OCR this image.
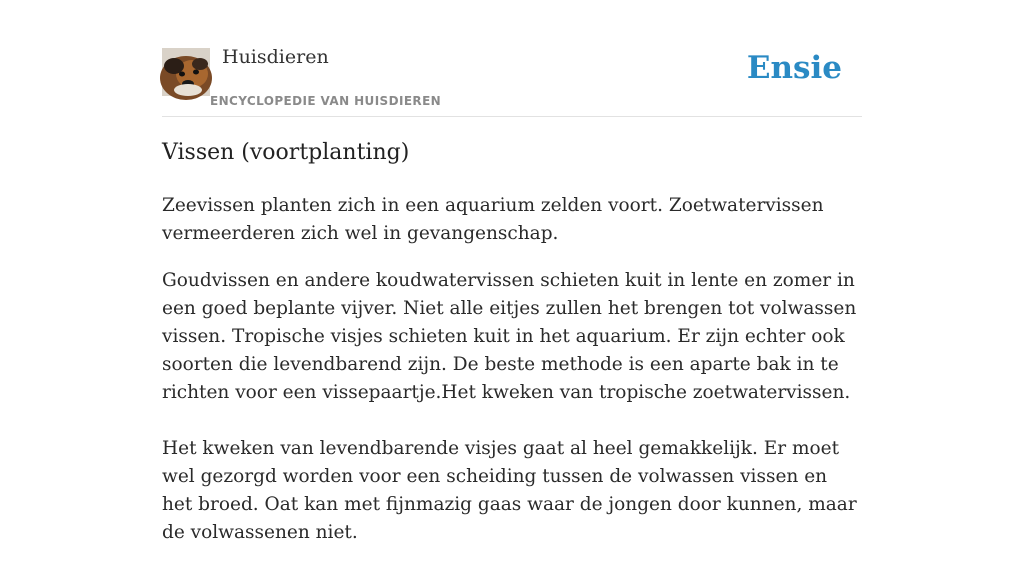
Huisdieren
ENCYCLOPEDIE VAN HUISDIEREN
Ensie
Vissen (voortplanting)

Zeevissen planten zich in een aquarium zelden voort. Zoetwatervissen vermeerderen zich wel in gevangenschap.

Goudvissen en andere koudwatervissen schieten kuit in lente en zomer in een goed beplante vijver. Niet alle eitjes zullen het brengen tot volwassen vissen. Tropische visjes schieten kuit in het aquarium. Er zijn echter ook soorten die levendbarend zijn. De beste methode is een aparte bak in te richten voor een vissepaartje.Het kweken van tropische zoetwatervissen.

Het kweken van levendbarende visjes gaat al heel gemakkelijk. Er moet wel gezorgd worden voor een scheiding tussen de volwassen vissen en het broed. Oat kan met fijnmazig gaas waar de jongen door kunnen, maar de volwassenen niet.
